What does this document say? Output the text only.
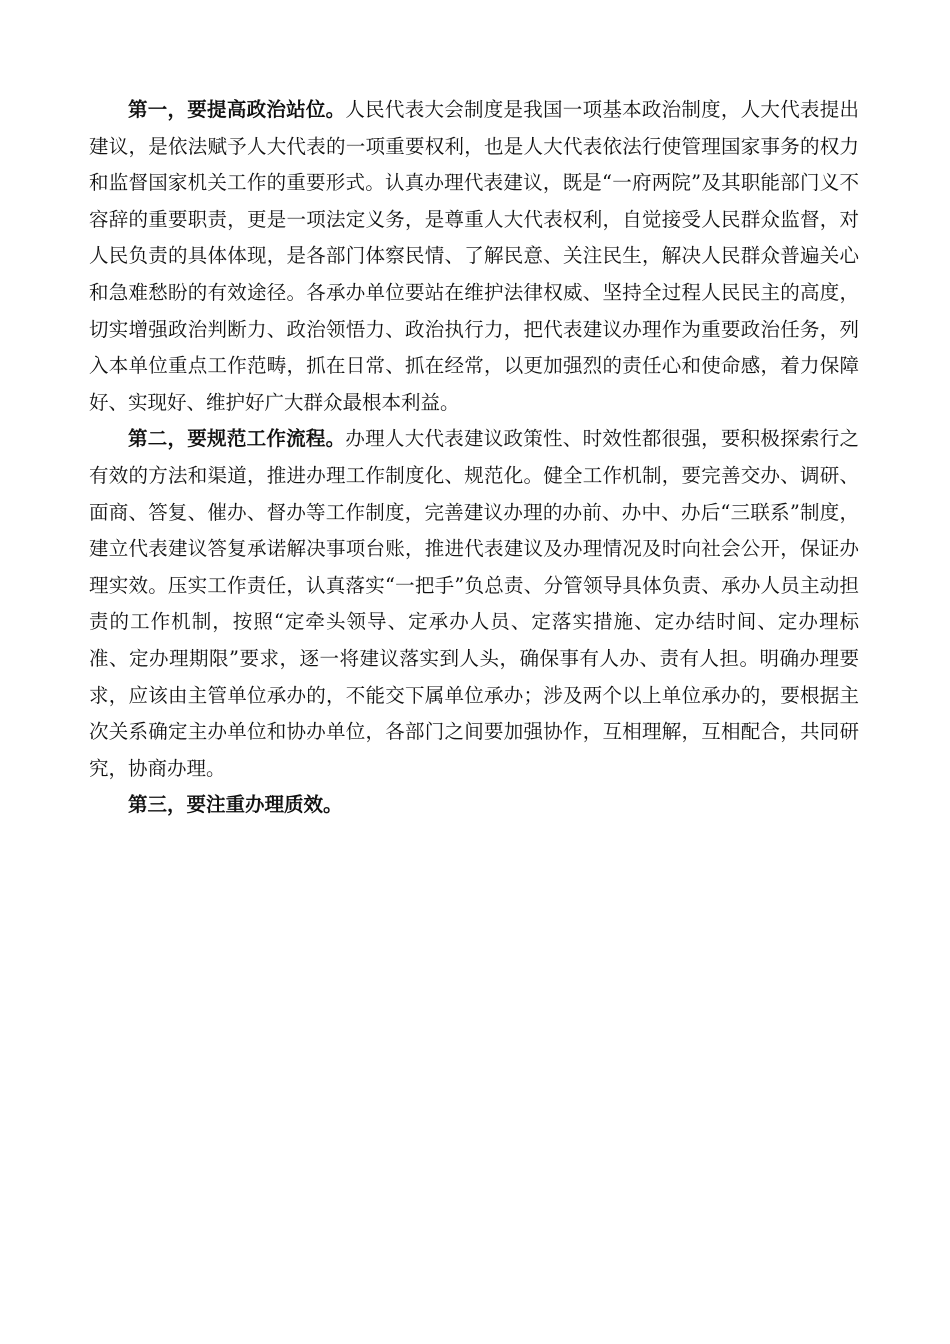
第一，要提高政治站位。人民代表大会制度是我国一项基本政治制度，人大代表提出建议，是依法赋予人大代表的一项重要权利，也是人大代表依法行使管理国家事务的权力和监督国家机关工作的重要形式。认真办理代表建议，既是“一府两院”及其职能部门义不容辞的重要职责，更是一项法定义务，是尊重人大代表权利，自觉接受人民群众监督，对人民负责的具体体现，是各部门体察民情、了解民意、关注民生，解决人民群众普遍关心和急难愁盼的有效途径。各承办单位要站在维护法律权威、坚持全过程人民民主的高度，切实增强政治判断力、政治领悟力、政治执行力，把代表建议办理作为重要政治任务，列入本单位重点工作范畴，抓在日常、抓在经常，以更加强烈的责任心和使命感，着力保障好、实现好、维护好广大群众最根本利益。

第二，要规范工作流程。办理人大代表建议政策性、时效性都很强，要积极探索行之有效的方法和渠道，推进办理工作制度化、规范化。健全工作机制，要完善交办、调研、面商、答复、催办、督办等工作制度，完善建议办理的办前、办中、办后“三联系”制度，建立代表建议答复承诺解决事项台账，推进代表建议及办理情况及时向社会公开，保证办理实效。压实工作责任，认真落实“一把手”负总责、分管领导具体负责、承办人员主动担责的工作机制，按照“定牵头领导、定承办人员、定落实措施、定办结时间、定办理标准、定办理期限”要求，逐一将建议落实到人头，确保事有人办、责有人担。明确办理要求，应该由主管单位承办的，不能交下属单位承办；涉及两个以上单位承办的，要根据主次关系确定主办单位和协办单位，各部门之间要加强协作，互相理解，互相配合，共同研究，协商办理。

第三，要注重办理质效。
